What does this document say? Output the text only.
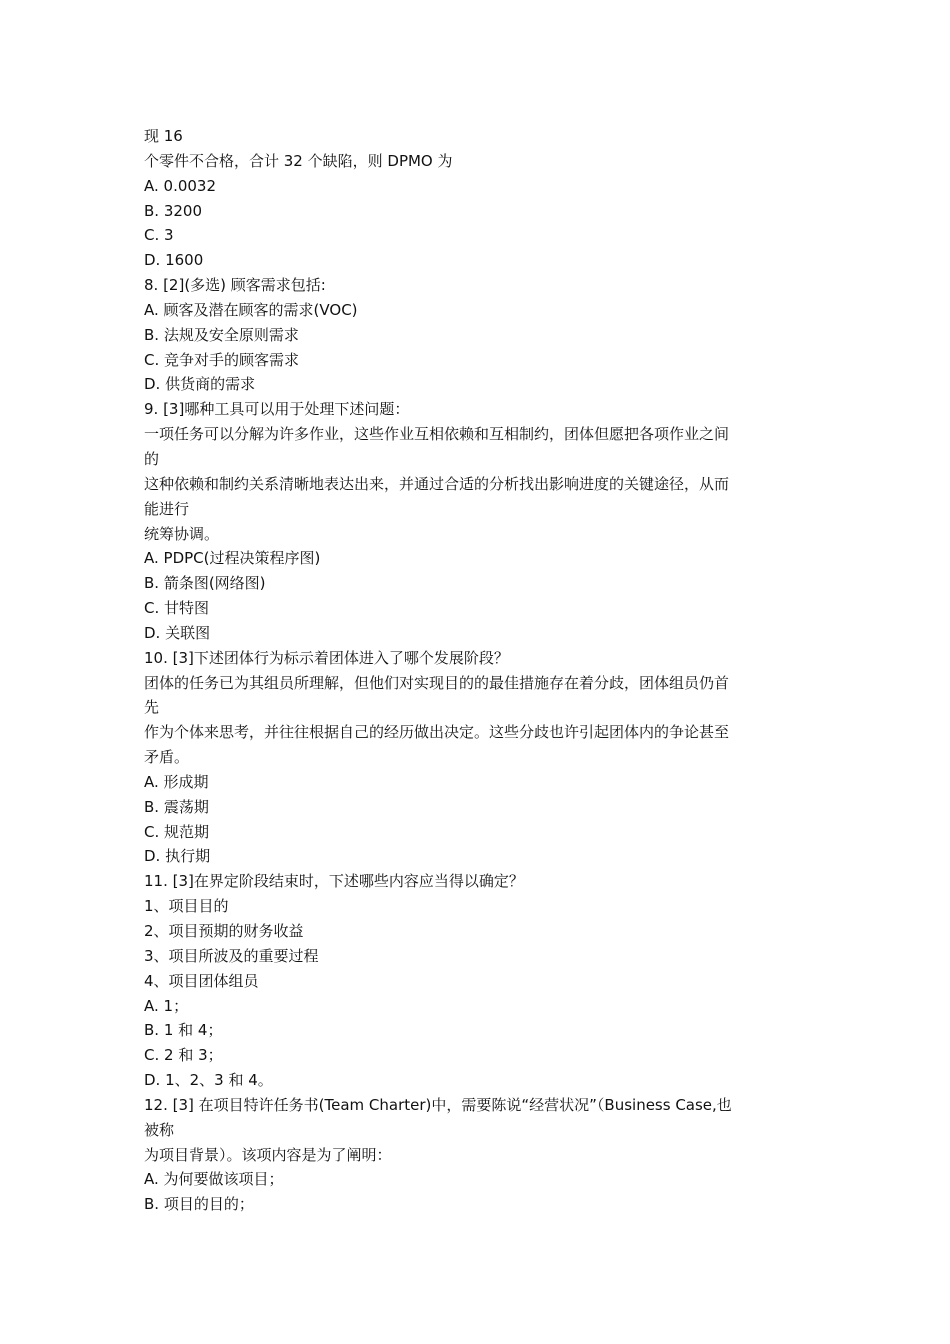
现 16
个零件不合格，合计 32 个缺陷，则 DPMO 为
A. 0.0032
B. 3200
C. 3
D. 1600
8. [2](多选) 顾客需求包括:
A. 顾客及潜在顾客的需求(VOC)
B. 法规及安全原则需求
C. 竞争对手的顾客需求
D. 供货商的需求
9. [3]哪种工具可以用于处理下述问题：
一项任务可以分解为许多作业，这些作业互相依赖和互相制约，团体但愿把各项作业之间
的
这种依赖和制约关系清晰地表达出来，并通过合适的分析找出影响进度的关键途径，从而
能进行
统筹协调。
A. PDPC(过程决策程序图)
B. 箭条图(网络图)
C. 甘特图
D. 关联图
10. [3]下述团体行为标示着团体进入了哪个发展阶段？
团体的任务已为其组员所理解，但他们对实现目的的最佳措施存在着分歧，团体组员仍首
先
作为个体来思考，并往往根据自己的经历做出决定。这些分歧也许引起团体内的争论甚至
矛盾。
A. 形成期
B. 震荡期
C. 规范期
D. 执行期
11. [3]在界定阶段结束时，下述哪些内容应当得以确定？
1、项目目的
2、项目预期的财务收益
3、项目所波及的重要过程
4、项目团体组员
A. 1；
B. 1 和 4；
C. 2 和 3；
D. 1、2、3 和 4。
12. [3] 在项目特许任务书(Team Charter)中，需要陈说“经营状况”（Business Case,也
被称
为项目背景）。该项内容是为了阐明：
A. 为何要做该项目；
B. 项目的目的；
